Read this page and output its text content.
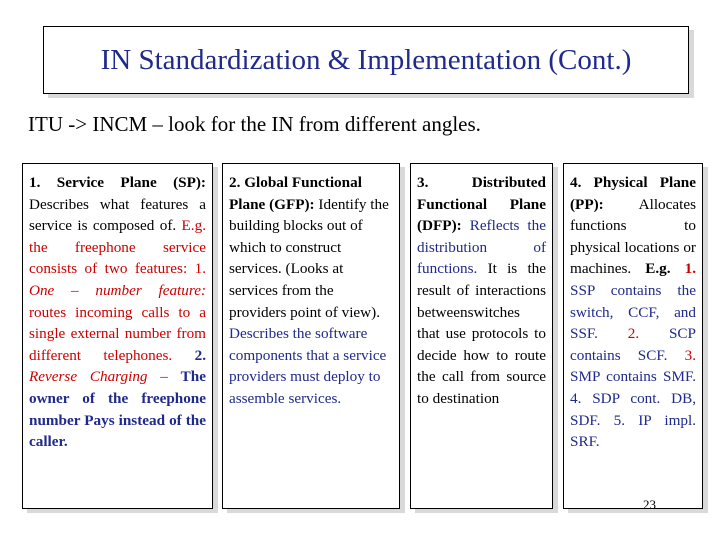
IN Standardization & Implementation (Cont.)
ITU -> INCM – look for the IN from different angles.
1. Service Plane (SP): Describes what features a service is composed of. E.g. the freephone service consists of two features: 1. One – number feature: routes incoming calls to a single external number from different telephones. 2. Reverse Charging – The owner of the freephone number Pays instead of the caller.
2. Global Functional Plane (GFP): Identify the building blocks out of which to construct services. (Looks at services from the providers point of view). Describes the software components that a service providers must deploy to assemble services.
3. Distributed Functional Plane (DFP): Reflects the distribution of functions. It is the result of interactions betweenswitches that use protocols to decide how to route the call from source to destination
4. Physical Plane (PP): Allocates functions to physical locations or machines. E.g. 1. SSP contains the switch, CCF, and SSF. 2. SCP contains SCF. 3. SMP contains SMF. 4. SDP cont. DB, SDF. 5. IP impl. SRF.
23
